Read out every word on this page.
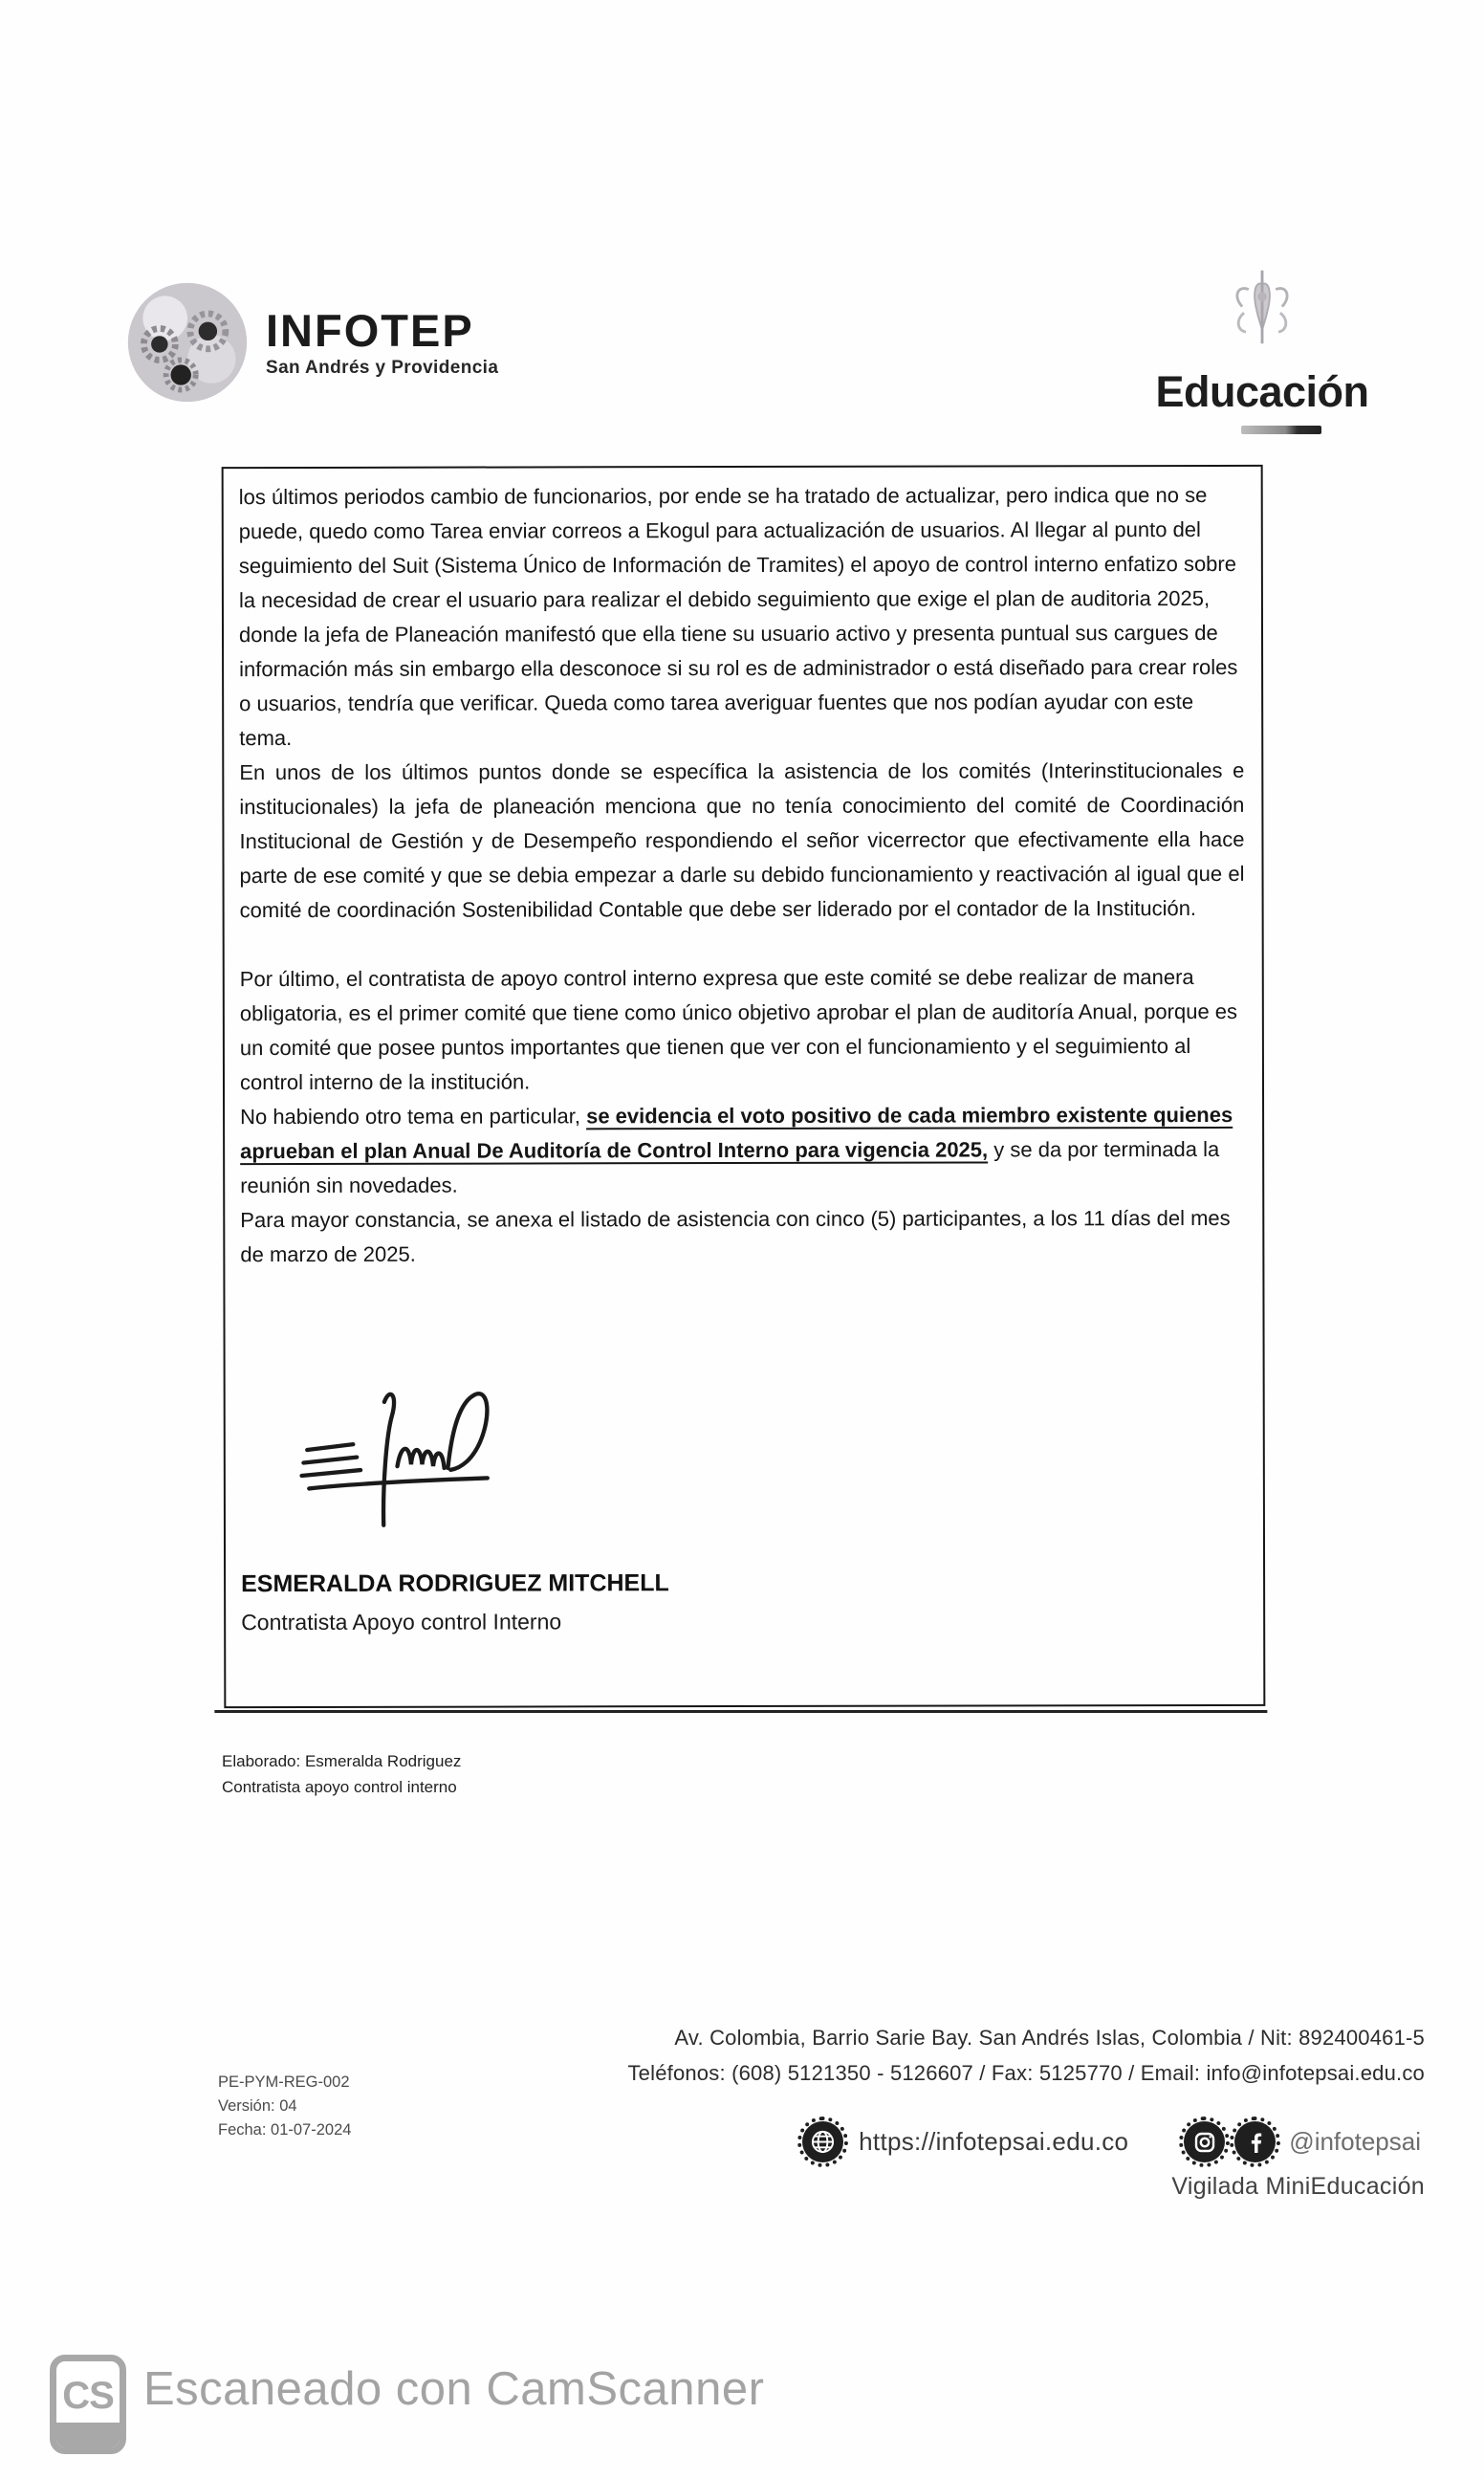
INFOTEP
San Andrés y Providencia	Educación

los últimos periodos cambio de funcionarios, por ende se ha tratado de actualizar, pero indica que no se puede, quedo como Tarea enviar correos a Ekogul para actualización de usuarios. Al llegar al punto del seguimiento del Suit (Sistema Único de Información de Tramites) el apoyo de control interno enfatizo sobre la necesidad de crear el usuario para realizar el debido seguimiento que exige el plan de auditoria 2025, donde la jefa de Planeación manifestó que ella tiene su usuario activo y presenta puntual sus cargues de información más sin embargo ella desconoce si su rol es de administrador o está diseñado para crear roles o usuarios, tendría que verificar. Queda como tarea averiguar fuentes que nos podían ayudar con este tema.

En unos de los últimos puntos donde se específica la asistencia de los comités (Interinstitucionales e institucionales) la jefa de planeación menciona que no tenía conocimiento del comité de Coordinación Institucional de Gestión y de Desempeño respondiendo el señor vicerrector que efectivamente ella hace parte de ese comité y que se debia empezar a darle su debido funcionamiento y reactivación al igual que el comité de coordinación Sostenibilidad Contable que debe ser liderado por el contador de la Institución.

Por último, el contratista de apoyo control interno expresa que este comité se debe realizar de manera obligatoria, es el primer comité que tiene como único objetivo aprobar el plan de auditoría Anual, porque es un comité que posee puntos importantes que tienen que ver con el funcionamiento y el seguimiento al control interno de la institución.

No habiendo otro tema en particular, se evidencia el voto positivo de cada miembro existente quienes aprueban el plan Anual De Auditoría de Control Interno para vigencia 2025, y se da por terminada la reunión sin novedades.

Para mayor constancia, se anexa el listado de asistencia con cinco (5) participantes, a los 11 días del mes de marzo de 2025.

ESMERALDA RODRIGUEZ MITCHELL
Contratista Apoyo control Interno
Elaborado: Esmeralda Rodriguez
Contratista apoyo control interno
PE-PYM-REG-002
Versión: 04
Fecha: 01-07-2024
Av. Colombia, Barrio Sarie Bay. San Andrés Islas, Colombia / Nit: 892400461-5
Teléfonos: (608) 5121350 - 5126607 / Fax: 5125770 / Email: info@infotepsai.edu.co
https://infotepsai.edu.co	@infotepsai
Vigilada MiniEducación
CS Escaneado con CamScanner
